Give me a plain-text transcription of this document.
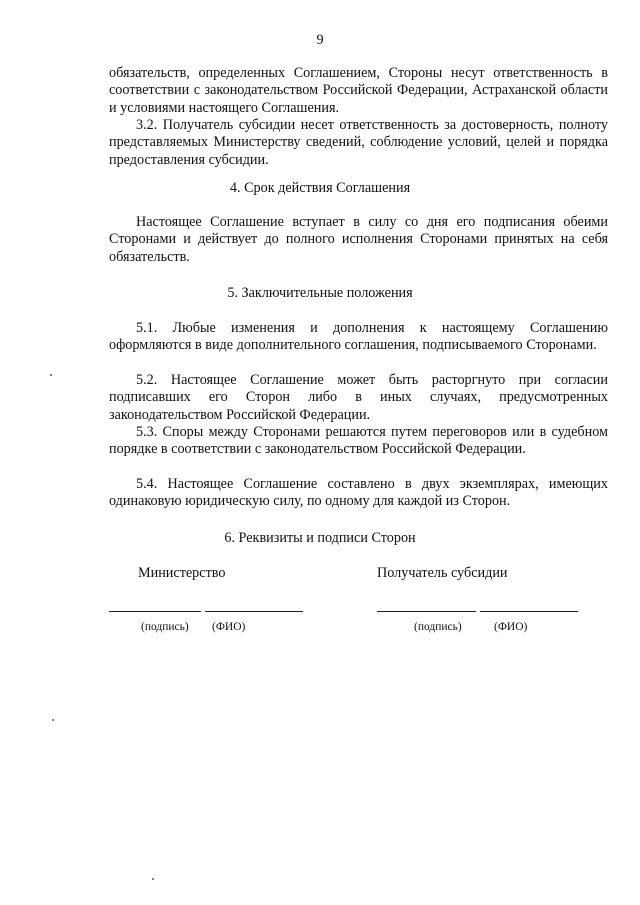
9

обязательств, определенных Соглашением, Стороны несут ответственность в соответствии с законодательством Российской Федерации, Астраханской области и условиями настоящего Соглашения.

3.2. Получатель субсидии несет ответственность за достоверность, полноту представляемых Министерству сведений, соблюдение условий, целей и порядка предоставления субсидии.

4. Срок действия Соглашения

Настоящее Соглашение вступает в силу со дня его подписания обеими Сторонами и действует до полного исполнения Сторонами принятых на себя обязательств.

5. Заключительные положения

5.1. Любые изменения и дополнения к настоящему Соглашению оформляются в виде дополнительного соглашения, подписываемого Сторонами.

5.2. Настоящее Соглашение может быть расторгнуто при согласии подписавших его Сторон либо в иных случаях, предусмотренных законодательством Российской Федерации.

5.3. Споры между Сторонами решаются путем переговоров или в судебном порядке в соответствии с законодательством Российской Федерации.

5.4. Настоящее Соглашение составлено в двух экземплярах, имеющих одинаковую юридическую силу, по одному для каждой из Сторон.

6. Реквизиты и подписи Сторон

Министерство	Получатель субсидии
(подпись) (ФИО)	(подпись)	(ФИО)
